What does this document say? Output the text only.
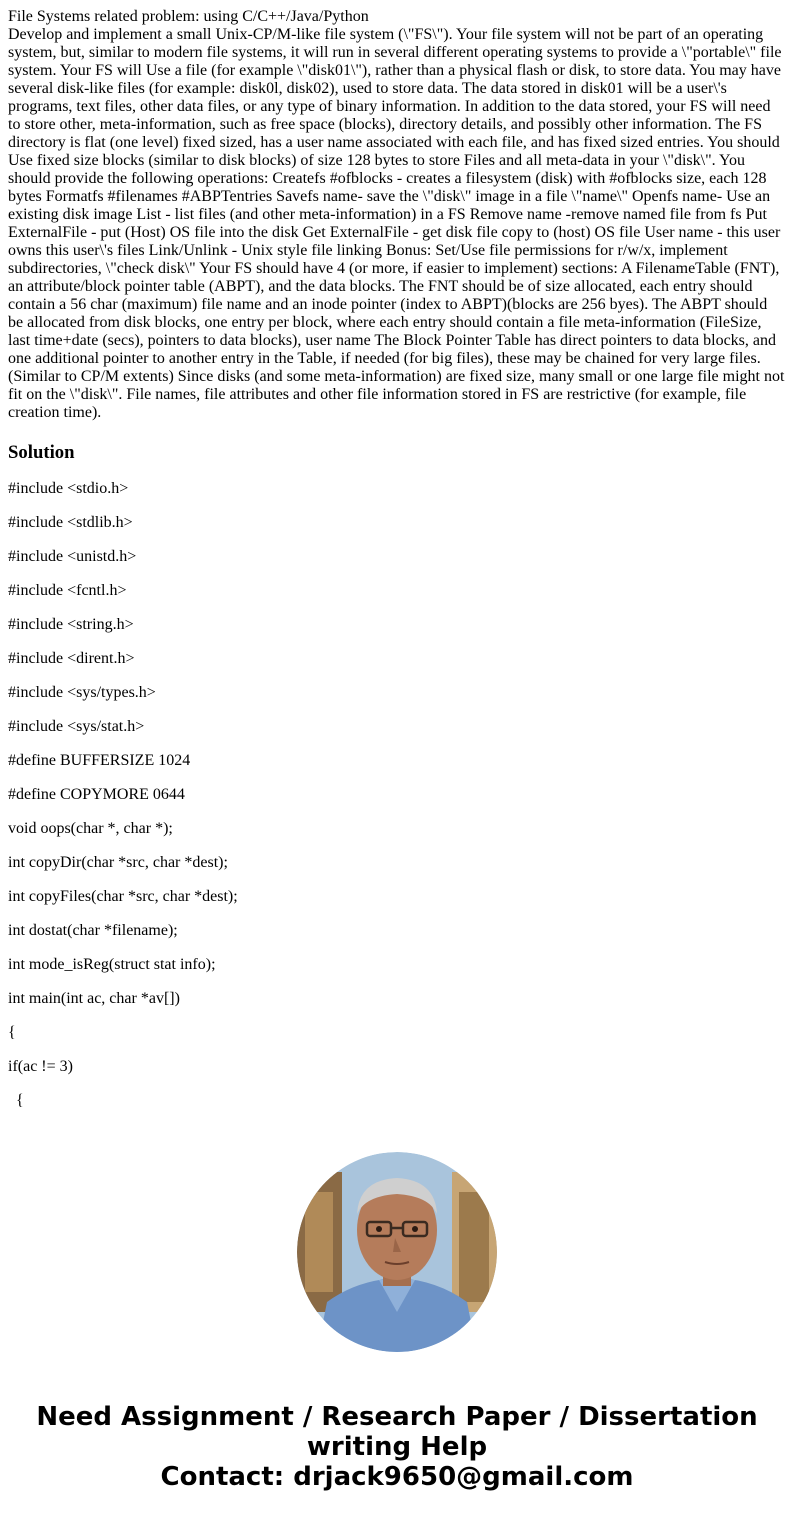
File Systems related problem: using C/C++/Java/Python

Develop and implement a small Unix-CP/M-like file system (\"FS\"). Your file system will not be part of an operating system, but, similar to modern file systems, it will run in several different operating systems to provide a \"portable\" file system. Your FS will Use a file (for example \"disk01\"), rather than a physical flash or disk, to store data. You may have several disk-like files (for example: disk0l, disk02), used to store data. The data stored in disk01 will be a user\'s programs, text files, other data files, or any type of binary information. In addition to the data stored, your FS will need to store other, meta-information, such as free space (blocks), directory details, and possibly other information. The FS directory is flat (one level) fixed sized, has a user name associated with each file, and has fixed sized entries. You should Use fixed size blocks (similar to disk blocks) of size 128 bytes to store Files and all meta-data in your \"disk\". You should provide the following operations: Createfs #ofblocks - creates a filesystem (disk) with #ofblocks size, each 128 bytes Formatfs #filenames #ABPTentries Savefs name- save the \"disk\" image in a file \"name\" Openfs name- Use an existing disk image List - list files (and other meta-information) in a FS Remove name -remove named file from fs Put ExternalFile - put (Host) OS file into the disk Get ExternalFile - get disk file copy to (host) OS file User name - this user owns this user\'s files Link/Unlink - Unix style file linking Bonus: Set/Use file permissions for r/w/x, implement subdirectories, \"check disk\" Your FS should have 4 (or more, if easier to implement) sections: A FilenameTable (FNT), an attribute/block pointer table (ABPT), and the data blocks. The FNT should be of size allocated, each entry should contain a 56 char (maximum) file name and an inode pointer (index to ABPT)(blocks are 256 byes). The ABPT should be allocated from disk blocks, one entry per block, where each entry should contain a file meta-information (FileSize, last time+date (secs), pointers to data blocks), user name The Block Pointer Table has direct pointers to data blocks, and one additional pointer to another entry in the Table, if needed (for big files), these may be chained for very large files. (Similar to CP/M extents) Since disks (and some meta-information) are fixed size, many small or one large file might not fit on the \"disk\". File names, file attributes and other file information stored in FS are restrictive (for example, file creation time).

Solution

#include <stdio.h>

#include <stdlib.h>

#include <unistd.h>

#include <fcntl.h>

#include <string.h>

#include <dirent.h>

#include <sys/types.h>

#include <sys/stat.h>

#define BUFFERSIZE 1024

#define COPYMORE 0644

void oops(char *, char *);

int copyDir(char *src, char *dest);

int copyFiles(char *src, char *dest);

int dostat(char *filename);

int mode_isReg(struct stat info);

int main(int ac, char *av[])

{

if(ac != 3)

{

Need Assignment / Research Paper / Dissertation
writing Help
Contact: drjack9650@gmail.com
